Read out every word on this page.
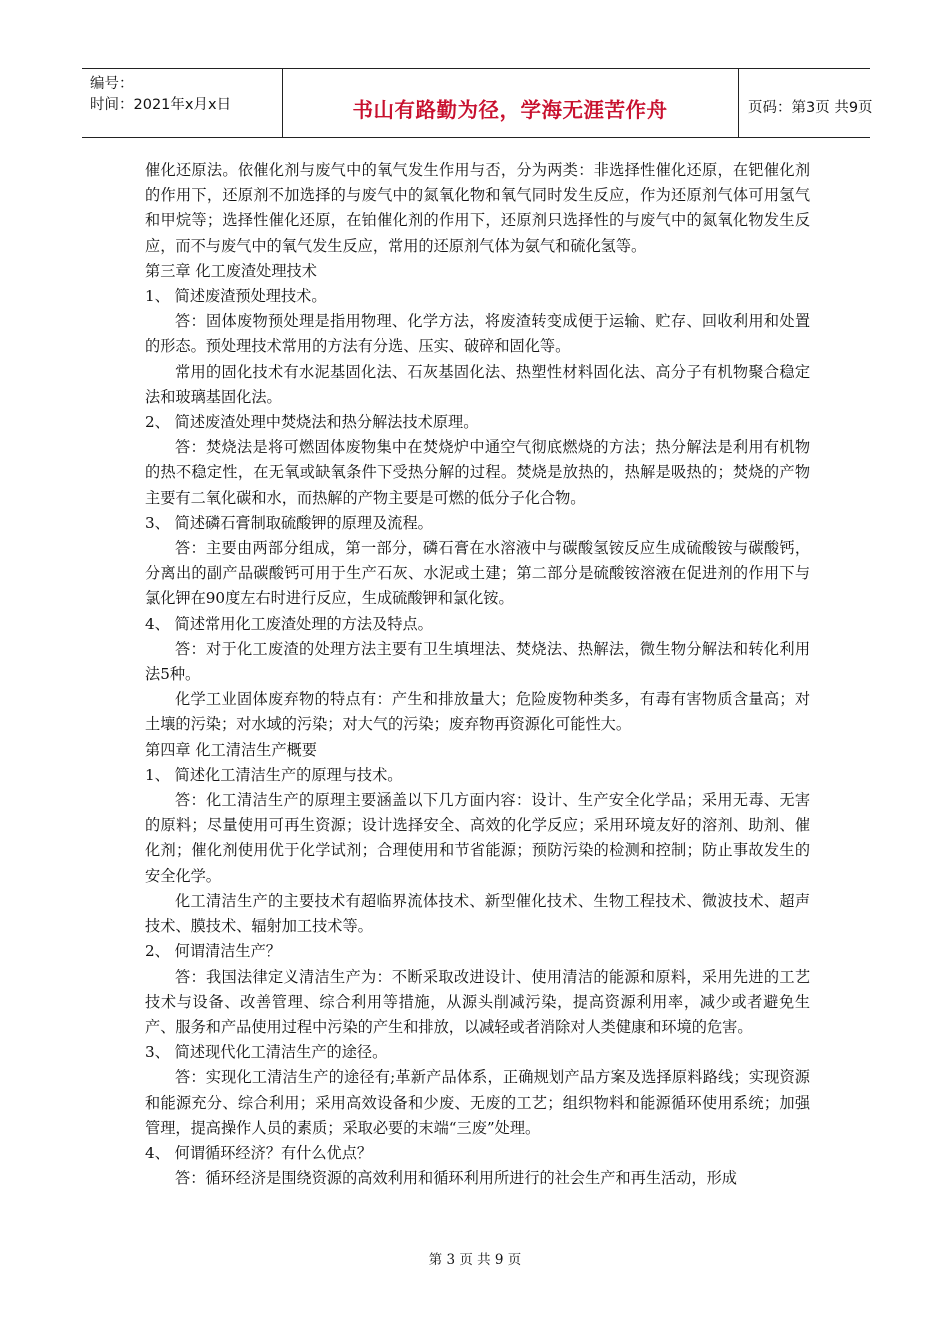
编号：
时间：2021年x月x日	书山有路勤为径，学海无涯苦作舟	页码：第3页 共9页

催化还原法。依催化剂与废气中的氧气发生作用与否，分为两类：非选择性催化还原，在钯催化剂的作用下，还原剂不加选择的与废气中的氮氧化物和氧气同时发生反应，作为还原剂气体可用氢气和甲烷等；选择性催化还原，在铂催化剂的作用下，还原剂只选择性的与废气中的氮氧化物发生反应，而不与废气中的氧气发生反应，常用的还原剂气体为氨气和硫化氢等。

第三章 化工废渣处理技术

1、 简述废渣预处理技术。

答：固体废物预处理是指用物理、化学方法，将废渣转变成便于运输、贮存、回收利用和处置的形态。预处理技术常用的方法有分选、压实、破碎和固化等。

常用的固化技术有水泥基固化法、石灰基固化法、热塑性材料固化法、高分子有机物聚合稳定法和玻璃基固化法。

2、 简述废渣处理中焚烧法和热分解法技术原理。

答：焚烧法是将可燃固体废物集中在焚烧炉中通空气彻底燃烧的方法；热分解法是利用有机物的热不稳定性，在无氧或缺氧条件下受热分解的过程。焚烧是放热的，热解是吸热的；焚烧的产物主要有二氧化碳和水，而热解的产物主要是可燃的低分子化合物。

3、 简述磷石膏制取硫酸钾的原理及流程。

答：主要由两部分组成，第一部分，磷石膏在水溶液中与碳酸氢铵反应生成硫酸铵与碳酸钙，分离出的副产品碳酸钙可用于生产石灰、水泥或土建；第二部分是硫酸铵溶液在促进剂的作用下与氯化钾在90度左右时进行反应，生成硫酸钾和氯化铵。

4、 简述常用化工废渣处理的方法及特点。

答：对于化工废渣的处理方法主要有卫生填埋法、焚烧法、热解法，微生物分解法和转化利用法5种。

化学工业固体废弃物的特点有：产生和排放量大；危险废物种类多，有毒有害物质含量高；对土壤的污染；对水域的污染；对大气的污染；废弃物再资源化可能性大。

第四章 化工清洁生产概要

1、 简述化工清洁生产的原理与技术。

答：化工清洁生产的原理主要涵盖以下几方面内容：设计、生产安全化学品；采用无毒、无害的原料；尽量使用可再生资源；设计选择安全、高效的化学反应；采用环境友好的溶剂、助剂、催化剂；催化剂使用优于化学试剂；合理使用和节省能源；预防污染的检测和控制；防止事故发生的安全化学。

化工清洁生产的主要技术有超临界流体技术、新型催化技术、生物工程技术、微波技术、超声技术、膜技术、辐射加工技术等。

2、 何谓清洁生产？

答：我国法律定义清洁生产为：不断采取改进设计、使用清洁的能源和原料，采用先进的工艺技术与设备、改善管理、综合利用等措施，从源头削减污染，提高资源利用率，减少或者避免生产、服务和产品使用过程中污染的产生和排放，以减轻或者消除对人类健康和环境的危害。

3、 简述现代化工清洁生产的途径。

答：实现化工清洁生产的途径有;革新产品体系，正确规划产品方案及选择原料路线；实现资源和能源充分、综合利用；采用高效设备和少废、无废的工艺；组织物料和能源循环使用系统；加强管理，提高操作人员的素质；采取必要的末端“三废”处理。

4、 何谓循环经济？有什么优点？

答：循环经济是围绕资源的高效利用和循环利用所进行的社会生产和再生活动，形成

第 3 页 共 9 页
